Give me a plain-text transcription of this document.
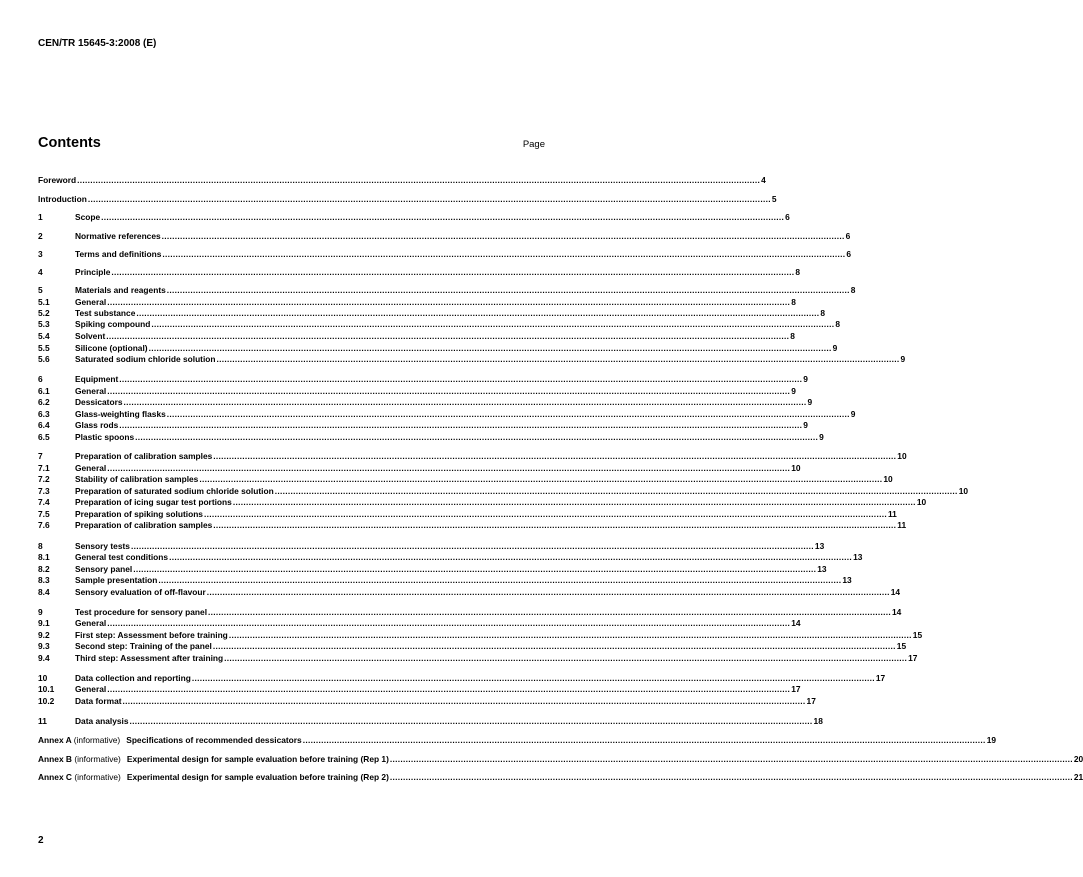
CEN/TR 15645-3:2008 (E)
Contents	Page
Foreword .................................................................................................................................................................................................................................................................... 4
Introduction .................................................................................................................................................................................................................................................................... 5
1	Scope .................................................................................................................................................................................................................................................................... 6
2	Normative references .................................................................................................................................................................................................................................................................... 6
3	Terms and definitions .................................................................................................................................................................................................................................................................... 6
4	Principle .................................................................................................................................................................................................................................................................... 8
5	Materials and reagents .................................................................................................................................................................................................................................................................... 8
5.1	General .................................................................................................................................................................................................................................................................... 8
5.2	Test substance .................................................................................................................................................................................................................................................................... 8
5.3	Spiking compound .................................................................................................................................................................................................................................................................... 8
5.4	Solvent .................................................................................................................................................................................................................................................................... 8
5.5	Silicone (optional) .................................................................................................................................................................................................................................................................... 9
5.6	Saturated sodium chloride solution .................................................................................................................................................................................................................................................................... 9
6	Equipment .................................................................................................................................................................................................................................................................... 9
6.1	General .................................................................................................................................................................................................................................................................... 9
6.2	Dessicators .................................................................................................................................................................................................................................................................... 9
6.3	Glass-weighting flasks .................................................................................................................................................................................................................................................................... 9
6.4	Glass rods .................................................................................................................................................................................................................................................................... 9
6.5	Plastic spoons .................................................................................................................................................................................................................................................................... 9
7	Preparation of calibration samples .................................................................................................................................................................................................................................................................... 10
7.1	General .................................................................................................................................................................................................................................................................... 10
7.2	Stability of calibration samples .................................................................................................................................................................................................................................................................... 10
7.3	Preparation of saturated sodium chloride solution .................................................................................................................................................................................................................................................................... 10
7.4	Preparation of icing sugar test portions .................................................................................................................................................................................................................................................................... 10
7.5	Preparation of spiking solutions .................................................................................................................................................................................................................................................................... 11
7.6	Preparation of calibration samples .................................................................................................................................................................................................................................................................... 11
8	Sensory tests .................................................................................................................................................................................................................................................................... 13
8.1	General test conditions .................................................................................................................................................................................................................................................................... 13
8.2	Sensory panel .................................................................................................................................................................................................................................................................... 13
8.3	Sample presentation .................................................................................................................................................................................................................................................................... 13
8.4	Sensory evaluation of off-flavour .................................................................................................................................................................................................................................................................... 14
9	Test procedure for sensory panel .................................................................................................................................................................................................................................................................... 14
9.1	General .................................................................................................................................................................................................................................................................... 14
9.2	First step: Assessment before training .................................................................................................................................................................................................................................................................... 15
9.3	Second step: Training of the panel .................................................................................................................................................................................................................................................................... 15
9.4	Third step: Assessment after training .................................................................................................................................................................................................................................................................... 17
10	Data collection and reporting .................................................................................................................................................................................................................................................................... 17
10.1 General .................................................................................................................................................................................................................................................................... 17
10.2 Data format .................................................................................................................................................................................................................................................................... 17
11	Data analysis .................................................................................................................................................................................................................................................................... 18
Annex A (informative) Specifications of recommended dessicators .................................................................................................................................................................................................................................................................... 19
Annex B (informative) Experimental design for sample evaluation before training (Rep 1) .................................................................................................................................................................................................................................................................... 20
Annex C (informative) Experimental design for sample evaluation before training (Rep 2) .................................................................................................................................................................................................................................................................... 21
2
